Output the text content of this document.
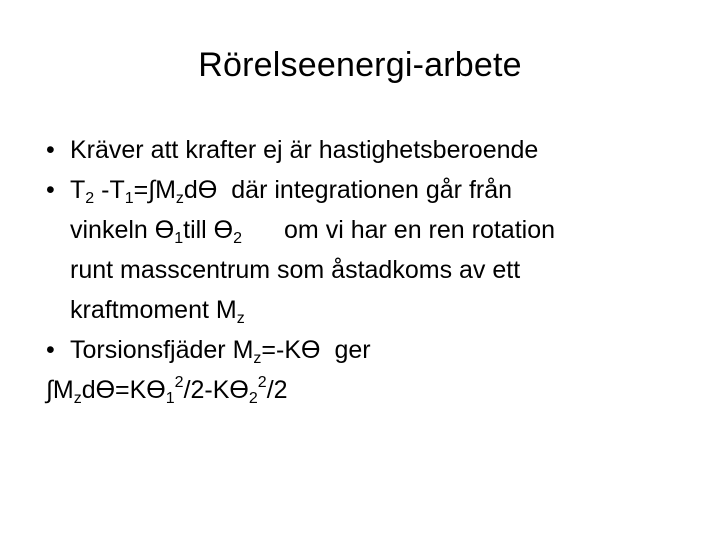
Rörelseenergi-arbete
• Kräver att krafter ej är hastighetsberoende
• $T_2$ $-T_1=\int M_zdϴ$ där integrationen går från
vinkeln $ϴ_1till$ $ϴ_2$ om vi har en ren rotation
runt masscentrum som åstadkoms av ett
kraftmoment $M_z$
• Torsionsfjäder $M_z=-Kϴ$ ger
$\int M_zdϴ=Kϴ_1^2/2-Kϴ_2^2/2$
